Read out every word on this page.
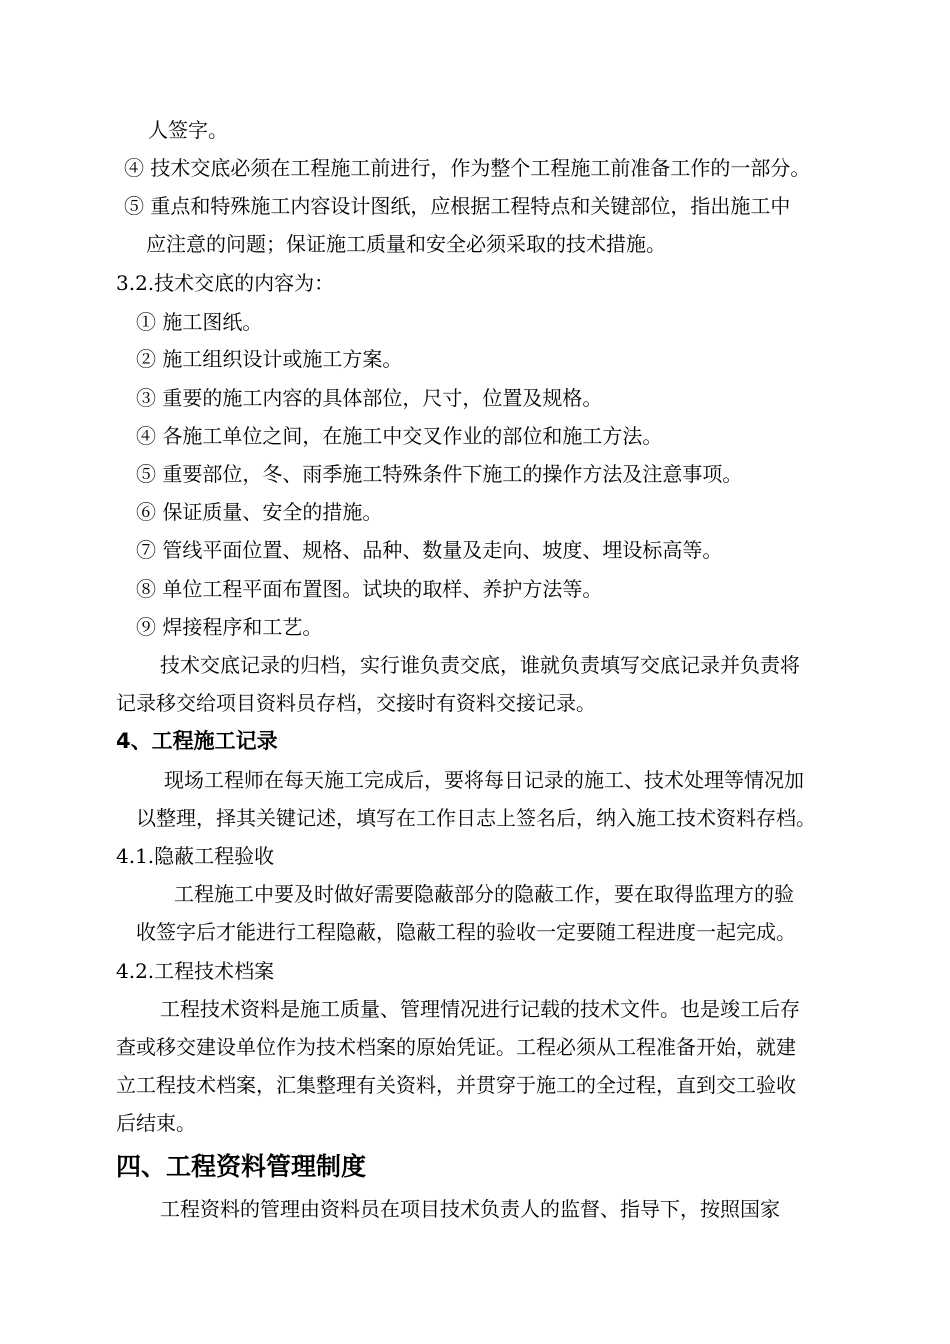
人签字。
④ 技术交底必须在工程施工前进行，作为整个工程施工前准备工作的一部分。
⑤ 重点和特殊施工内容设计图纸，应根据工程特点和关键部位，指出施工中
应注意的问题；保证施工质量和安全必须采取的技术措施。
3.2.技术交底的内容为：
① 施工图纸。
② 施工组织设计或施工方案。
③ 重要的施工内容的具体部位，尺寸，位置及规格。
④ 各施工单位之间，在施工中交叉作业的部位和施工方法。
⑤ 重要部位，冬、雨季施工特殊条件下施工的操作方法及注意事项。
⑥ 保证质量、安全的措施。
⑦ 管线平面位置、规格、品种、数量及走向、坡度、埋设标高等。
⑧ 单位工程平面布置图。试块的取样、养护方法等。
⑨ 焊接程序和工艺。
技术交底记录的归档，实行谁负责交底，谁就负责填写交底记录并负责将
记录移交给项目资料员存档，交接时有资料交接记录。
4、工程施工记录
现场工程师在每天施工完成后，要将每日记录的施工、技术处理等情况加
以整理，择其关键记述，填写在工作日志上签名后，纳入施工技术资料存档。
4.1.隐蔽工程验收
工程施工中要及时做好需要隐蔽部分的隐蔽工作，要在取得监理方的验
收签字后才能进行工程隐蔽，隐蔽工程的验收一定要随工程进度一起完成。
4.2.工程技术档案
工程技术资料是施工质量、管理情况进行记载的技术文件。也是竣工后存
查或移交建设单位作为技术档案的原始凭证。工程必须从工程准备开始，就建
立工程技术档案，汇集整理有关资料，并贯穿于施工的全过程，直到交工验收
后结束。
四、工程资料管理制度
工程资料的管理由资料员在项目技术负责人的监督、指导下，按照国家
